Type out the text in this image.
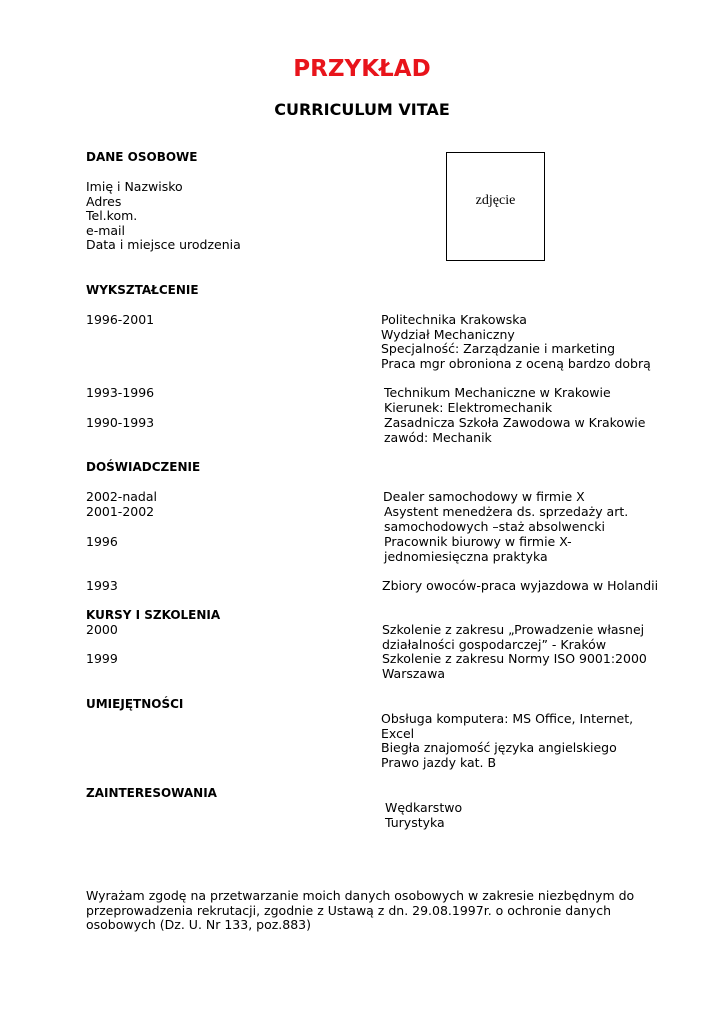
PRZYKŁAD
CURRICULUM VITAE
DANE OSOBOWE
Imię i Nazwisko
Adres
Tel.kom.
e-mail
Data i miejsce urodzenia
zdjęcie
WYKSZTAŁCENIE
1996-2001	Politechnika Krakowska
Wydział Mechaniczny
Specjalność: Zarządzanie i marketing
Praca mgr obroniona z oceną bardzo dobrą
1993-1996	Technikum Mechaniczne w Krakowie
Kierunek: Elektromechanik
1990-1993	Zasadnicza Szkoła Zawodowa w Krakowie
zawód: Mechanik
DOŚWIADCZENIE
2002-nadal	Dealer samochodowy w firmie X
2001-2002	Asystent menedżera ds. sprzedaży art.
samochodowych –staż absolwencki
1996	Pracownik biurowy w firmie X-
jednomiesięczna praktyka
1993	Zbiory owoców-praca wyjazdowa w Holandii
KURSY I SZKOLENIA
2000	Szkolenie z zakresu „Prowadzenie własnej
działalności gospodarczej” - Kraków
1999	Szkolenie z zakresu Normy ISO 9001:2000
Warszawa
UMIEJĘTNOŚCI
Obsługa komputera: MS Office, Internet,
Excel
Biegła znajomość języka angielskiego
Prawo jazdy kat. B
ZAINTERESOWANIA
Wędkarstwo
Turystyka
Wyrażam zgodę na przetwarzanie moich danych osobowych w zakresie niezbędnym do
przeprowadzenia rekrutacji, zgodnie z Ustawą z dn. 29.08.1997r. o ochronie danych
osobowych (Dz. U. Nr 133, poz.883)
